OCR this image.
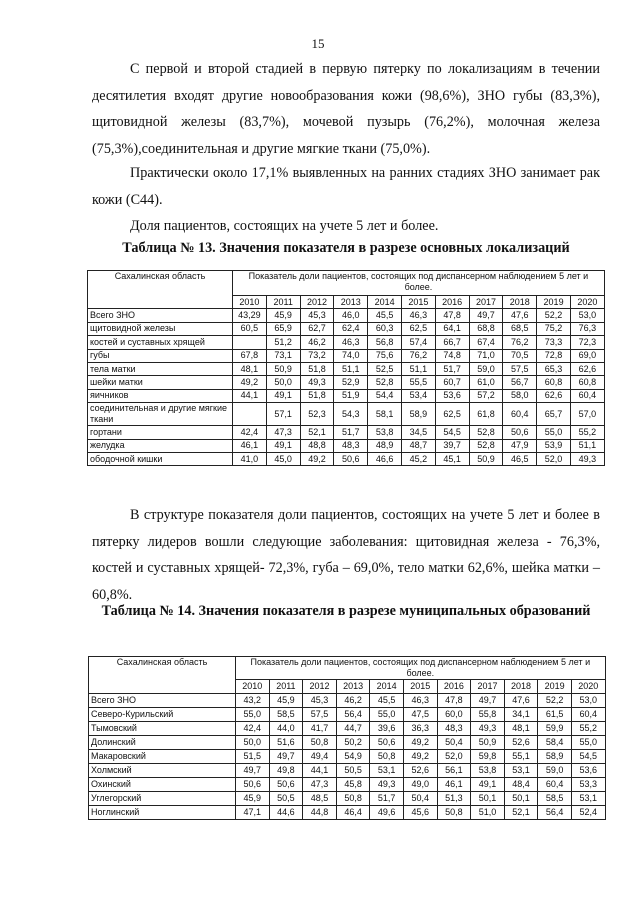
15

С первой и второй стадией в первую пятерку по локализациям в течении десятилетия входят другие новообразования кожи (98,6%), ЗНО губы (83,3%), щитовидной железы (83,7%), мочевой пузырь (76,2%), молочная железа (75,3%),соединительная и другие мягкие ткани (75,0%).

Практически около 17,1% выявленных на ранних стадиях ЗНО занимает рак кожи (С44).

Доля пациентов, состоящих на учете 5 лет и более.

Таблица № 13. Значения показателя в разрезе основных локализаций

Сахалинская область	Показатель доли пациентов, состоящих под диспансерном наблюдением 5 лет и более.										
	2010	2011	2012	2013	2014	2015	2016	2017	2018	2019	2020
Всего ЗНО	43,29	45,9	45,3	46,0	45,5	46,3	47,8	49,7	47,6	52,2	53,0
щитовидной железы	60,5	65,9	62,7	62,4	60,3	62,5	64,1	68,8	68,5	75,2	76,3
костей и суставных хрящей		51,2	46,2	46,3	56,8	57,4	66,7	67,4	76,2	73,3	72,3
губы	67,8	73,1	73,2	74,0	75,6	76,2	74,8	71,0	70,5	72,8	69,0
тела матки	48,1	50,9	51,8	51,1	52,5	51,1	51,7	59,0	57,5	65,3	62,6
шейки матки	49,2	50,0	49,3	52,9	52,8	55,5	60,7	61,0	56,7	60,8	60,8
яичников	44,1	49,1	51,8	51,9	54,4	53,4	53,6	57,2	58,0	62,6	60,4
соединительная и другие мягкие ткани		57,1	52,3	54,3	58,1	58,9	62,5	61,8	60,4	65,7	57,0
гортани	42,4	47,3	52,1	51,7	53,8	34,5	54,5	52,8	50,6	55,0	55,2
желудка	46,1	49,1	48,8	48,3	48,9	48,7	39,7	52,8	47,9	53,9	51,1
ободочной кишки	41,0	45,0	49,2	50,6	46,6	45,2	45,1	50,9	46,5	52,0	49,3

В структуре показателя доли пациентов, состоящих на учете 5 лет и более в пятерку лидеров вошли следующие заболевания: щитовидная железа - 76,3%, костей и суставных хрящей- 72,3%, губа – 69,0%, тело матки 62,6%, шейка матки – 60,8%.

Таблица № 14. Значения показателя в разрезе муниципальных образований

Сахалинская область	Показатель доли пациентов, состоящих под диспансерном наблюдением 5 лет и более.										
	2010	2011	2012	2013	2014	2015	2016	2017	2018	2019	2020
Всего ЗНО	43,2	45,9	45,3	46,2	45,5	46,3	47,8	49,7	47,6	52,2	53,0
Северо-Курильский	55,0	58,5	57,5	56,4	55,0	47,5	60,0	55,8	34,1	61,5	60,4
Тымовский	42,4	44,0	41,7	44,7	39,6	36,3	48,3	49,3	48,1	59,9	55,2
Долинский	50,0	51,6	50,8	50,2	50,6	49,2	50,4	50,9	52,6	58,4	55,0
Макаровский	51,5	49,7	49,4	54,9	50,8	49,2	52,0	59,8	55,1	58,9	54,5
Холмский	49,7	49,8	44,1	50,5	53,1	52,6	56,1	53,8	53,1	59,0	53,6
Охинский	50,6	50,6	47,3	45,8	49,3	49,0	46,1	49,1	48,4	60,4	53,3
Углегорский	45,9	50,5	48,5	50,8	51,7	50,4	51,3	50,1	50,1	58,5	53,1
Ноглинский	47,1	44,6	44,8	46,4	49,6	45,6	50,8	51,0	52,1	56,4	52,4
